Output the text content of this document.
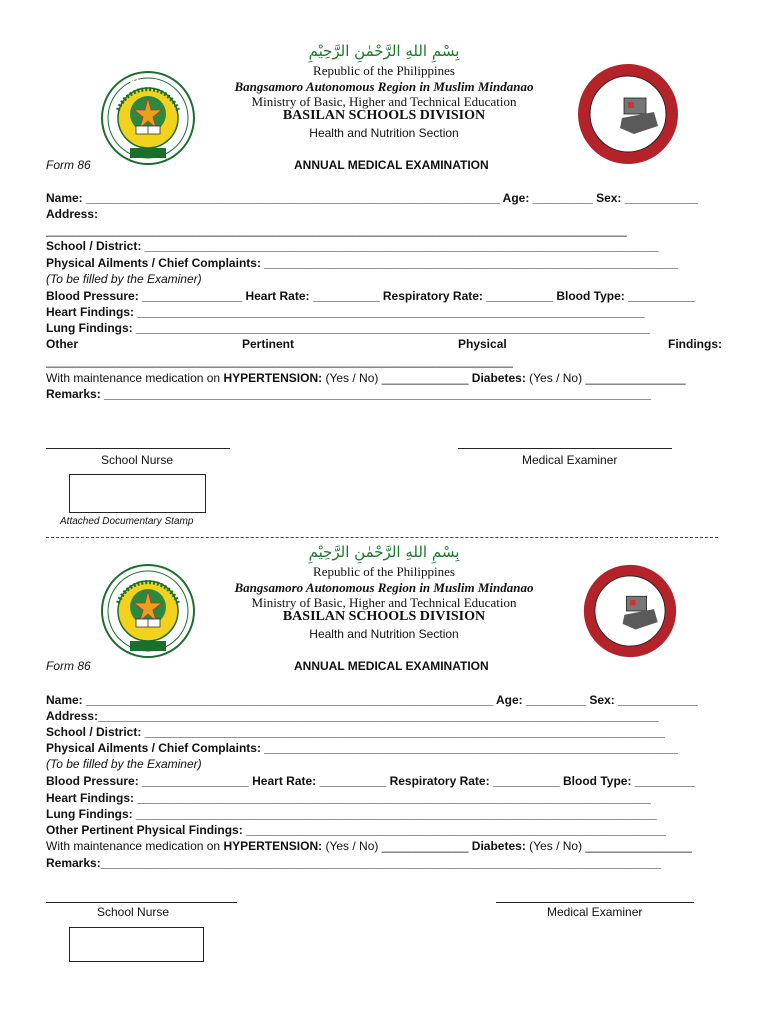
بِسْمِ اللهِ الرَّحْمٰنِ الرَّحِيْمِ
BARMM
Republic of the Philippines
Bangsamoro Autonomous Region in Muslim Mindanao
Ministry of Basic, Higher and Technical Education
BASILAN SCHOOLS DIVISION
Health and Nutrition Section
Form 86	ANNUAL MEDICAL EXAMINATION
Name: ______________________________________________________________ Age: _________ Sex: ___________
Address:
_______________________________________________________________________________________
School / District: _____________________________________________________________________________
Physical Ailments / Chief Complaints: ______________________________________________________________
(To be filled by the Examiner)
Blood Pressure: _______________ Heart Rate: __________ Respiratory Rate: __________ Blood Type: __________
Heart Findings: ____________________________________________________________________________
Lung Findings: _____________________________________________________________________________
Other	Pertinent	Physical	Findings:
______________________________________________________________________
With maintenance medication on HYPERTENSION: (Yes / No) _____________ Diabetes: (Yes / No) _______________
Remarks: __________________________________________________________________________________
School Nurse	Medical Examiner
Attached Documentary Stamp
بِسْمِ اللهِ الرَّحْمٰنِ الرَّحِيْمِ
Republic of the Philippines
Bangsamoro Autonomous Region in Muslim Mindanao
Ministry of Basic, Higher and Technical Education
BASILAN SCHOOLS DIVISION
Health and Nutrition Section
Form 86	ANNUAL MEDICAL EXAMINATION
Name: _____________________________________________________________ Age: _________ Sex: ____________
Address:____________________________________________________________________________________
School / District: ______________________________________________________________________________
Physical Ailments / Chief Complaints: ______________________________________________________________
(To be filled by the Examiner)
Blood Pressure: ________________ Heart Rate: __________ Respiratory Rate: __________ Blood Type: _________
Heart Findings: _____________________________________________________________________________
Lung Findings: ______________________________________________________________________________
Other Pertinent Physical Findings: _______________________________________________________________
With maintenance medication on HYPERTENSION: (Yes / No) _____________ Diabetes: (Yes / No) ________________
Remarks:____________________________________________________________________________________
School Nurse	Medical Examiner
